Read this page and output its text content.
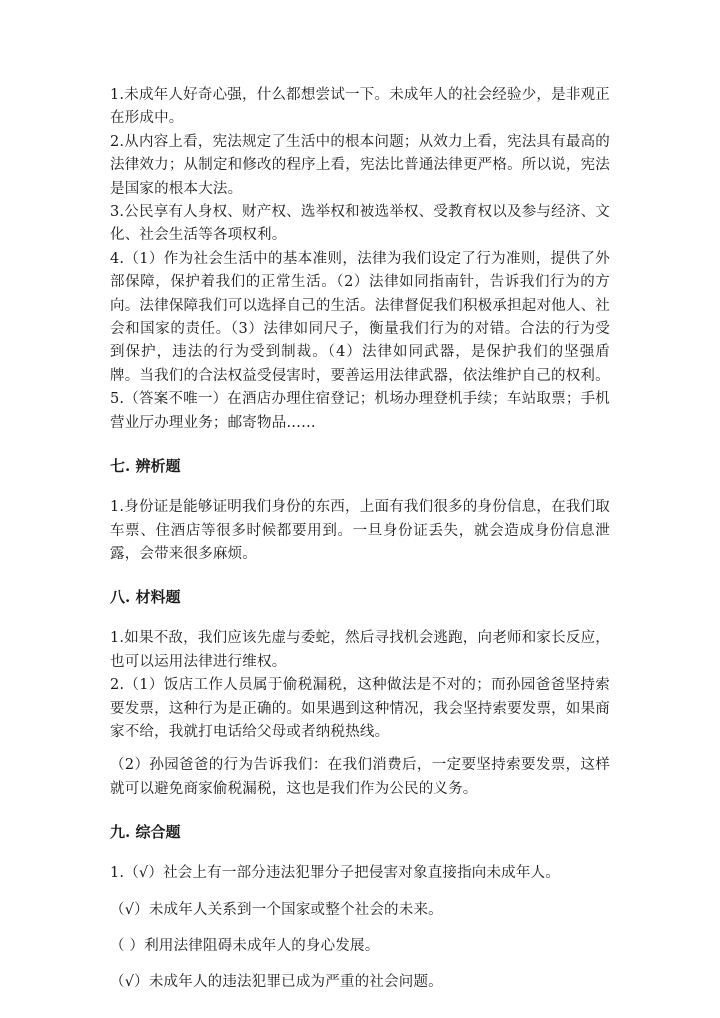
1.未成年人好奇心强，什么都想尝试一下。未成年人的社会经验少，是非观正在形成中。

2.从内容上看，宪法规定了生活中的根本问题；从效力上看，宪法具有最高的法律效力；从制定和修改的程序上看，宪法比普通法律更严格。所以说，宪法是国家的根本大法。

3.公民享有人身权、财产权、选举权和被选举权、受教育权以及参与经济、文化、社会生活等各项权利。

4.（1）作为社会生活中的基本准则，法律为我们设定了行为准则，提供了外部保障，保护着我们的正常生活。（2）法律如同指南针，告诉我们行为的方向。法律保障我们可以选择自己的生活。法律督促我们积极承担起对他人、社会和国家的责任。（3）法律如同尺子，衡量我们行为的对错。合法的行为受到保护，违法的行为受到制裁。（4）法律如同武器，是保护我们的坚强盾牌。当我们的合法权益受侵害时，要善运用法律武器，依法维护自己的权利。

5.（答案不唯一）在酒店办理住宿登记；机场办理登机手续；车站取票；手机营业厅办理业务；邮寄物品……

七. 辨析题

1.身份证是能够证明我们身份的东西，上面有我们很多的身份信息，在我们取车票、住酒店等很多时候都要用到。一旦身份证丢失，就会造成身份信息泄露，会带来很多麻烦。

八. 材料题

1.如果不敌，我们应该先虚与委蛇，然后寻找机会逃跑，向老师和家长反应，也可以运用法律进行维权。

2.（1）饭店工作人员属于偷税漏税，这种做法是不对的；而孙园爸爸坚持索要发票，这种行为是正确的。如果遇到这种情况，我会坚持索要发票，如果商家不给，我就打电话给父母或者纳税热线。

（2）孙园爸爸的行为告诉我们：在我们消费后，一定要坚持索要发票，这样就可以避免商家偷税漏税，这也是我们作为公民的义务。

九. 综合题

1.（√）社会上有一部分违法犯罪分子把侵害对象直接指向未成年人。

（√）未成年人关系到一个国家或整个社会的未来。

（ ）利用法律阻碍未成年人的身心发展。

（√）未成年人的违法犯罪已成为严重的社会问题。
